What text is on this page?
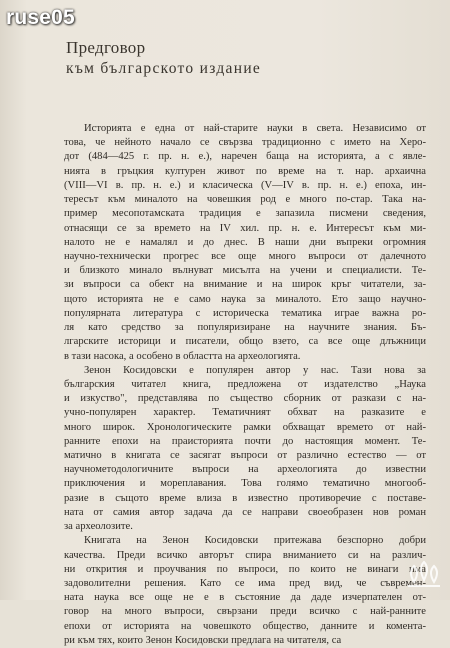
ruse05
Предговор
към българското издание
Историята е една от най-старите науки в света. Независимо от
това, че нейното начало се свързва традиционно с името на Херо-
дот (484—425 г. пр. н. е.), наречен баща на историята, а с явле-
нията в гръцкия културен живот по време на т. нар. архаична
(VIII—VI в. пр. н. е.) и класическа (V—IV в. пр. н. е.) епоха, ин-
тересът към миналото на човешкия род е много по-стар. Така на-
пример месопотамската традиция е запазила писмени сведения,
отнасящи се за времето на IV хил. пр. н. е. Интересът към ми-
налото не е намалял и до днес. В наши дни въпреки огромния
научно-технически прогрес все още много въпроси от далечното
и близкото минало вълнуват мисълта на учени и специалисти. Те-
зи въпроси са обект на внимание и на широк кръг читатели, за-
щото историята не е само наука за миналото. Ето защо научно-
популярната литература с историческа тематика играе важна ро-
ля като средство за популяризиране на научните знания. Бъ-
лгарските историци и писатели, общо взето, са все още длъжници
в тази насока, а особено в областта на археологията.
Зенон Косидовски е популярен автор у нас. Тази нова за
българския читател книга, предложена от издателство „Наука
и изкуство", представлява по същество сборник от разкази с на-
учно-популярен характер. Тематичният обхват на разказите е
много широк. Хронологическите рамки обхващат времето от най-
ранните епохи на праисторията почти до настоящия момент. Те-
матично в книгата се засягат въпроси от различно естество — от
научнометодологичните въпроси на археологията до известни
приключения и мореплавания. Това голямо тематично многооб-
разие в същото време влиза в известно противоречие с поставе-
ната от самия автор задача да се направи своеобразен нов роман
за археолозите.
Книгата на Зенон Косидовски притежава безспорно добри
качества. Преди всичко авторът спира вниманието си на различ-
ни открития и проучвания по въпроси, по които не винаги има
задоволителни решения. Като се има пред вид, че съвремен-
ната наука все още не е в състояние да даде изчерпателен от-
говор на много въпроси, свързани преди всичко с най-ранните
епохи от историята на човешкото общество, данните и комента-
ри към тях, които Зенон Косидовски предлага на читателя, са
